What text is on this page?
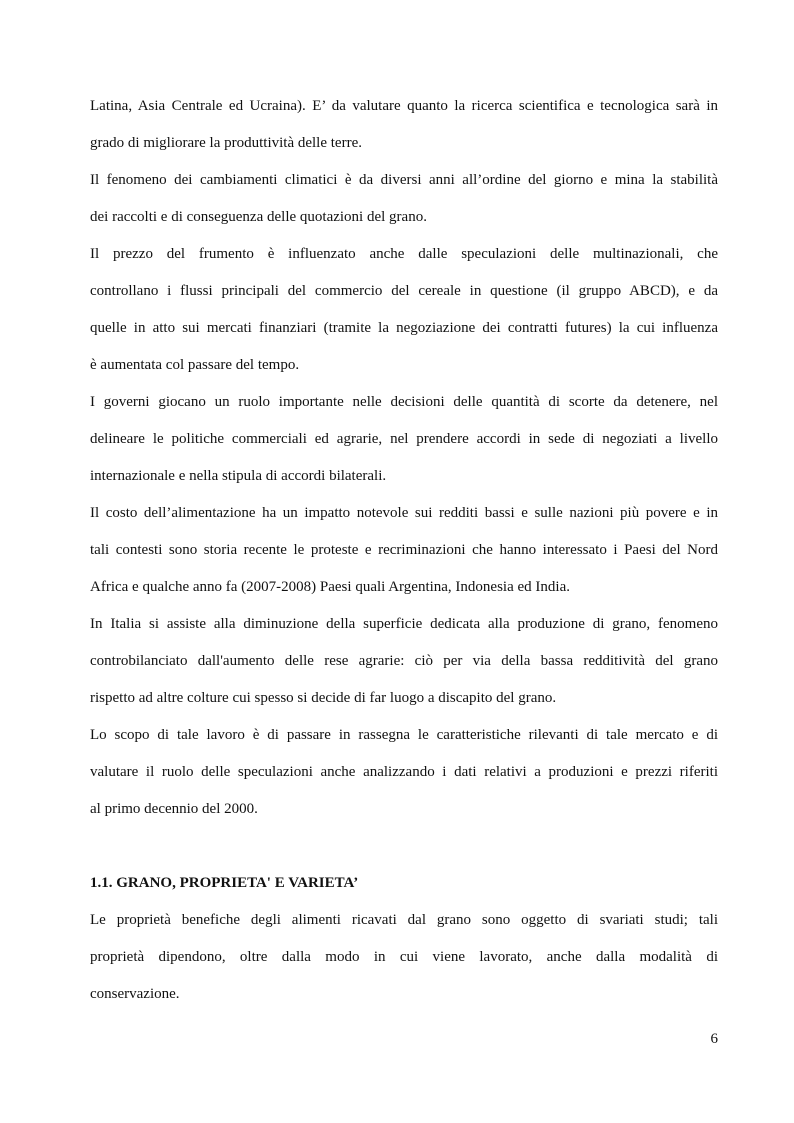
Latina, Asia Centrale ed Ucraina). E’ da valutare quanto la ricerca scientifica e tecnologica sarà in
grado di migliorare la produttività delle terre.
Il fenomeno dei cambiamenti climatici è da diversi anni all’ordine del giorno e mina la stabilità
dei raccolti e di conseguenza delle quotazioni del grano.
Il prezzo del frumento è influenzato anche dalle speculazioni delle multinazionali, che
controllano i flussi principali del commercio del cereale in questione (il gruppo ABCD), e da
quelle in atto sui mercati finanziari (tramite la negoziazione dei contratti futures) la cui influenza
è aumentata col passare del tempo.
I governi giocano un ruolo importante nelle decisioni delle quantità di scorte da detenere, nel
delineare le politiche commerciali ed agrarie, nel prendere accordi in sede di negoziati a livello
internazionale e nella stipula di accordi bilaterali.
Il costo dell’alimentazione ha un impatto notevole sui redditi bassi e sulle nazioni più povere e in
tali contesti sono storia recente le proteste e recriminazioni che hanno interessato i Paesi del Nord
Africa e qualche anno fa (2007-2008) Paesi quali Argentina, Indonesia ed India.
In Italia si assiste alla diminuzione della superficie dedicata alla produzione di grano, fenomeno
controbilanciato dall'aumento delle rese agrarie: ciò per via della bassa redditività del grano
rispetto ad altre colture cui spesso si decide di far luogo a discapito del grano.
Lo scopo di tale lavoro è di passare in rassegna le caratteristiche rilevanti di tale mercato e di
valutare il ruolo delle speculazioni anche analizzando i dati relativi a produzioni e prezzi riferiti
al primo decennio del 2000.
1.1. GRANO, PROPRIETA' E VARIETA’
Le proprietà benefiche degli alimenti ricavati dal grano sono oggetto di svariati studi; tali
proprietà dipendono, oltre dalla modo in cui viene lavorato, anche dalla modalità di
conservazione.
6
